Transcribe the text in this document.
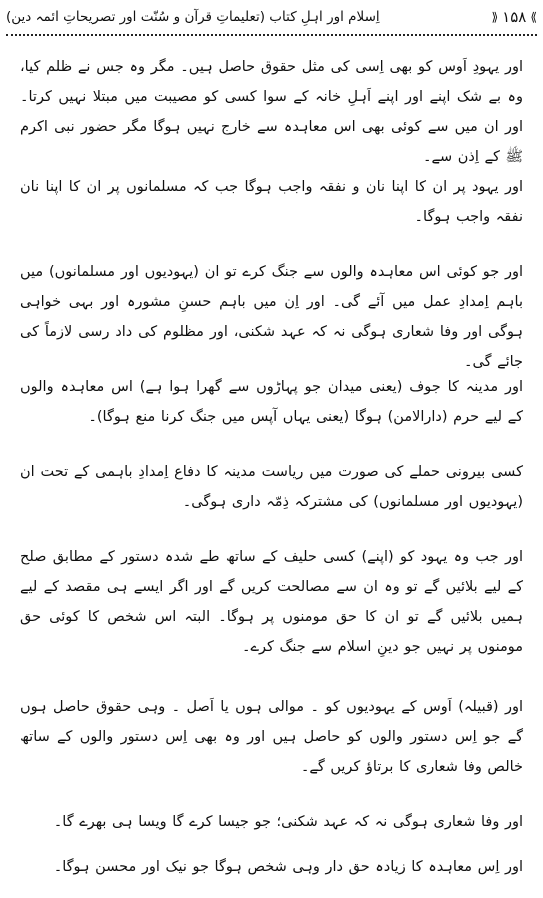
⟫
۱۵۸
⟪
اِسلام اور اہلِ کتاب (تعلیماتِ قرآن و سُنّت اور تصریحاتِ ائمہ دین)

اور یہودِ اَوس کو بھی اِسی کی مثل حقوق حاصل ہیں۔ مگر وہ جس نے ظلم کیا، وہ بے شک اپنے اور اپنے اَہلِ خانہ کے سوا کسی کو مصیبت میں مبتلا نہیں کرتا۔ اور ان میں سے کوئی بھی اس معاہدہ سے خارج نہیں ہوگا مگر حضور نبی اکرم ﷺ کے اِذن سے۔

اور یہود پر ان کا اپنا نان و نفقہ واجب ہوگا جب کہ مسلمانوں پر ان کا اپنا نان نفقہ واجب ہوگا۔

اور جو کوئی اس معاہدہ والوں سے جنگ کرے تو ان (یہودیوں اور مسلمانوں) میں باہم اِمدادِ عمل میں آئے گی۔ اور اِن میں باہم حسنِ مشورہ اور بہی خواہی ہوگی اور وفا شعاری ہوگی نہ کہ عہد شکنی، اور مظلوم کی داد رسی لازماً کی جائے گی۔

اور مدینہ کا جوف (یعنی میدان جو پہاڑوں سے گھرا ہوا ہے) اس معاہدہ والوں کے لیے حرم (دارالامن) ہوگا (یعنی یہاں آپس میں جنگ کرنا منع ہوگا)۔

کسی بیرونی حملے کی صورت میں ریاست مدینہ کا دفاع اِمدادِ باہمی کے تحت ان (یہودیوں اور مسلمانوں) کی مشترکہ ذِمّہ داری ہوگی۔

اور جب وہ یہود کو (اپنے) کسی حلیف کے ساتھ طے شدہ دستور کے مطابق صلح کے لیے بلائیں گے تو وہ ان سے مصالحت کریں گے اور اگر ایسے ہی مقصد کے لیے ہمیں بلائیں گے تو ان کا حق مومنوں پر ہوگا۔ البتہ اس شخص کا کوئی حق مومنوں پر نہیں جو دینِ اسلام سے جنگ کرے۔

اور (قبیلہ) اَوس کے یہودیوں کو ۔ موالی ہوں یا اَصل ۔ وہی حقوق حاصل ہوں گے جو اِس دستور والوں کو حاصل ہیں اور وہ بھی اِس دستور والوں کے ساتھ خالص وفا شعاری کا برتاؤ کریں گے۔

اور وفا شعاری ہوگی نہ کہ عہد شکنی؛ جو جیسا کرے گا ویسا ہی بھرے گا۔

اور اِس معاہدہ کا زیادہ حق دار وہی شخص ہوگا جو نیک اور محسن ہوگا۔
